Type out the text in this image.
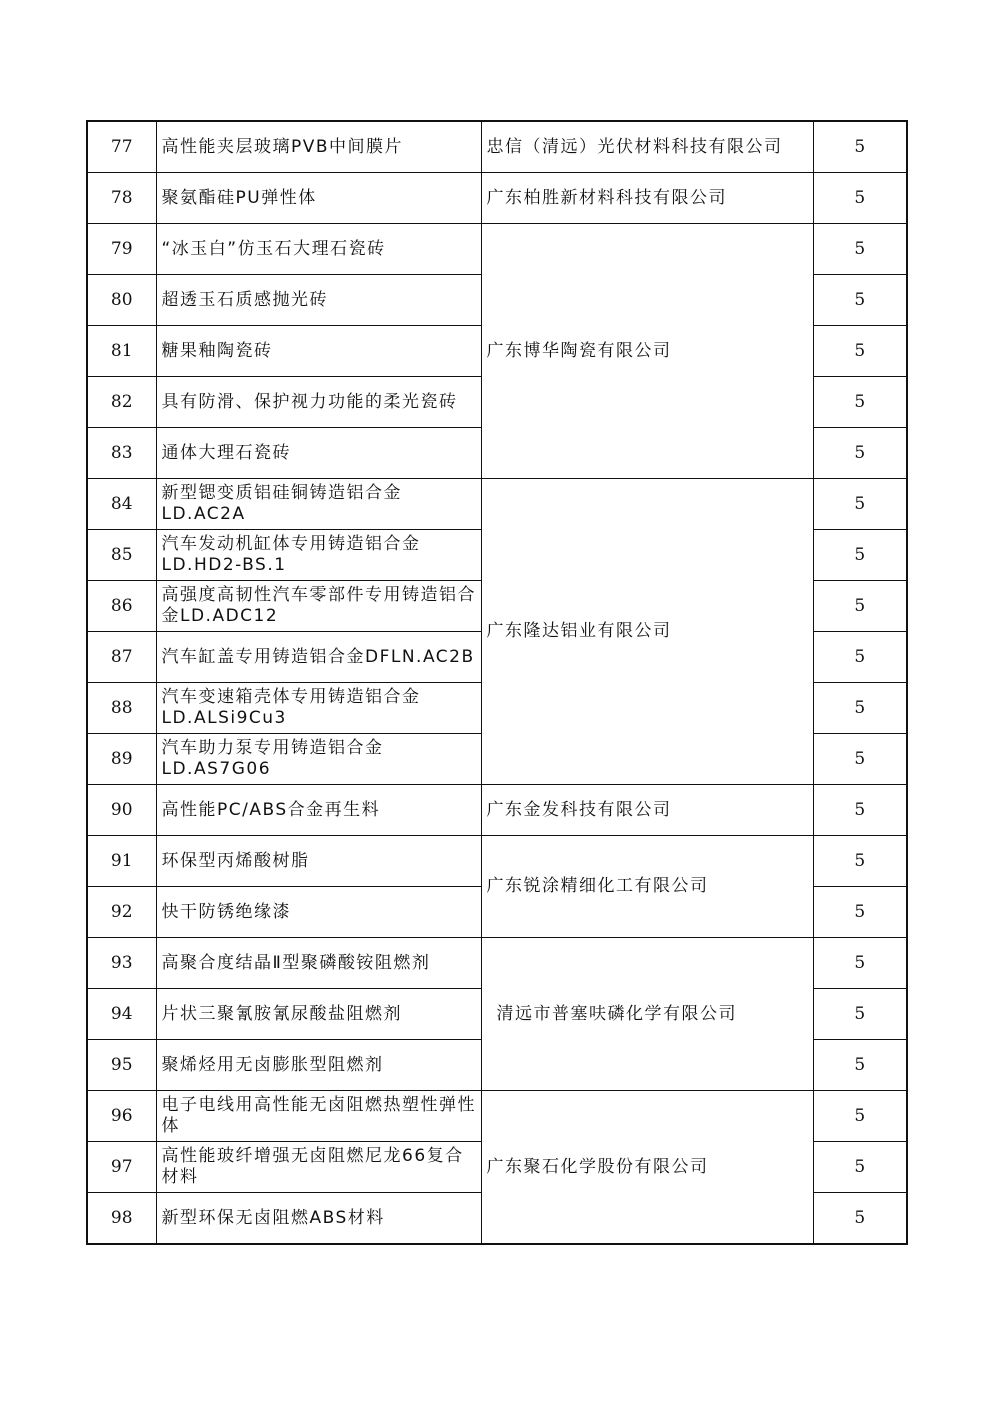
77	高性能夹层玻璃PVB中间膜片	忠信（清远）光伏材料科技有限公司	5
78	聚氨酯硅PU弹性体	广东柏胜新材料科技有限公司	5
79	“冰玉白”仿玉石大理石瓷砖	广东博华陶瓷有限公司	5
80	超透玉石质感抛光砖		5
81	糖果釉陶瓷砖		5
82	具有防滑、保护视力功能的柔光瓷砖		5
83	通体大理石瓷砖		5
84	新型锶变质铝硅铜铸造铝合金LD.AC2A	广东隆达铝业有限公司	5
85	汽车发动机缸体专用铸造铝合金LD.HD2-BS.1		5
86	高强度高韧性汽车零部件专用铸造铝合金LD.ADC12		5
87	汽车缸盖专用铸造铝合金DFLN.AC2B		5
88	汽车变速箱壳体专用铸造铝合金LD.ALSi9Cu3		5
89	汽车助力泵专用铸造铝合金LD.AS7G06		5
90	高性能PC/ABS合金再生料	广东金发科技有限公司	5
91	环保型丙烯酸树脂	广东锐涂精细化工有限公司	5
92	快干防锈绝缘漆		5
93	高聚合度结晶Ⅱ型聚磷酸铵阻燃剂	清远市普塞呋磷化学有限公司	5
94	片状三聚氰胺氰尿酸盐阻燃剂		5
95	聚烯烃用无卤膨胀型阻燃剂		5
96	电子电线用高性能无卤阻燃热塑性弹性体	广东聚石化学股份有限公司	5
97	高性能玻纤增强无卤阻燃尼龙66复合材料		5
98	新型环保无卤阻燃ABS材料		5
